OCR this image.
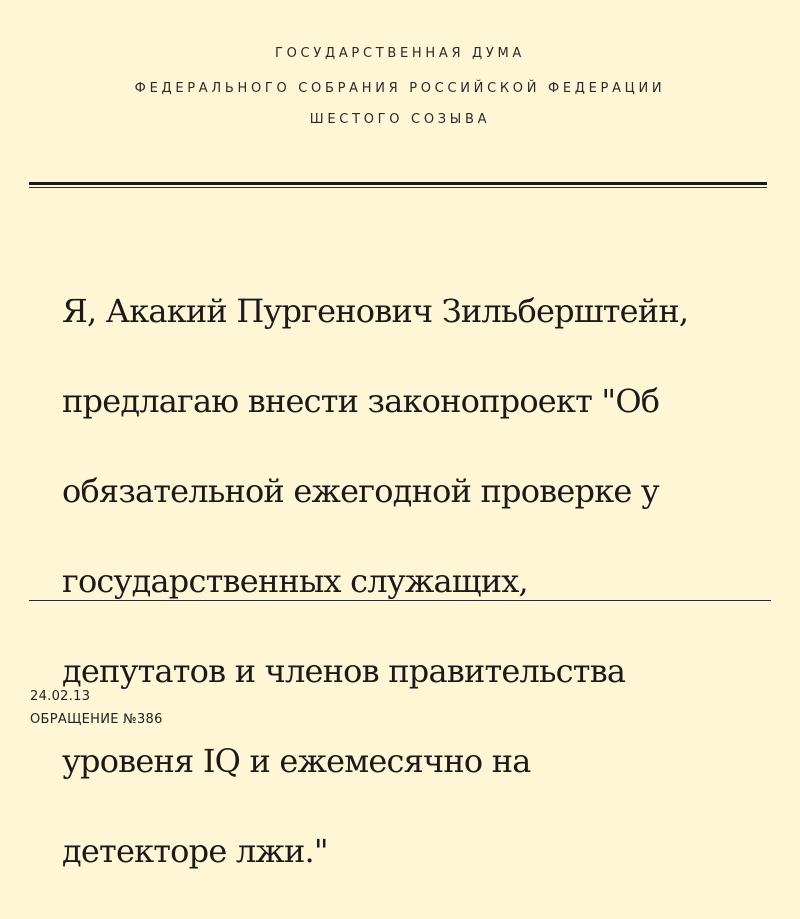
ГОСУДАРСТВЕННАЯ ДУМА
ФЕДЕРАЛЬНОГО СОБРАНИЯ РОССИЙСКОЙ ФЕДЕРАЦИИ
ШЕСТОГО СОЗЫВА

Я, Акакий Пургенович Зильберштейн,

предлагаю внести законопроект "Об

обязательной ежегодной проверке у

государственных служащих,

депутатов и членов правительства

уровеня IQ и ежемесячно на

детекторе лжи."

24.02.13
ОБРАЩЕНИЕ №386
